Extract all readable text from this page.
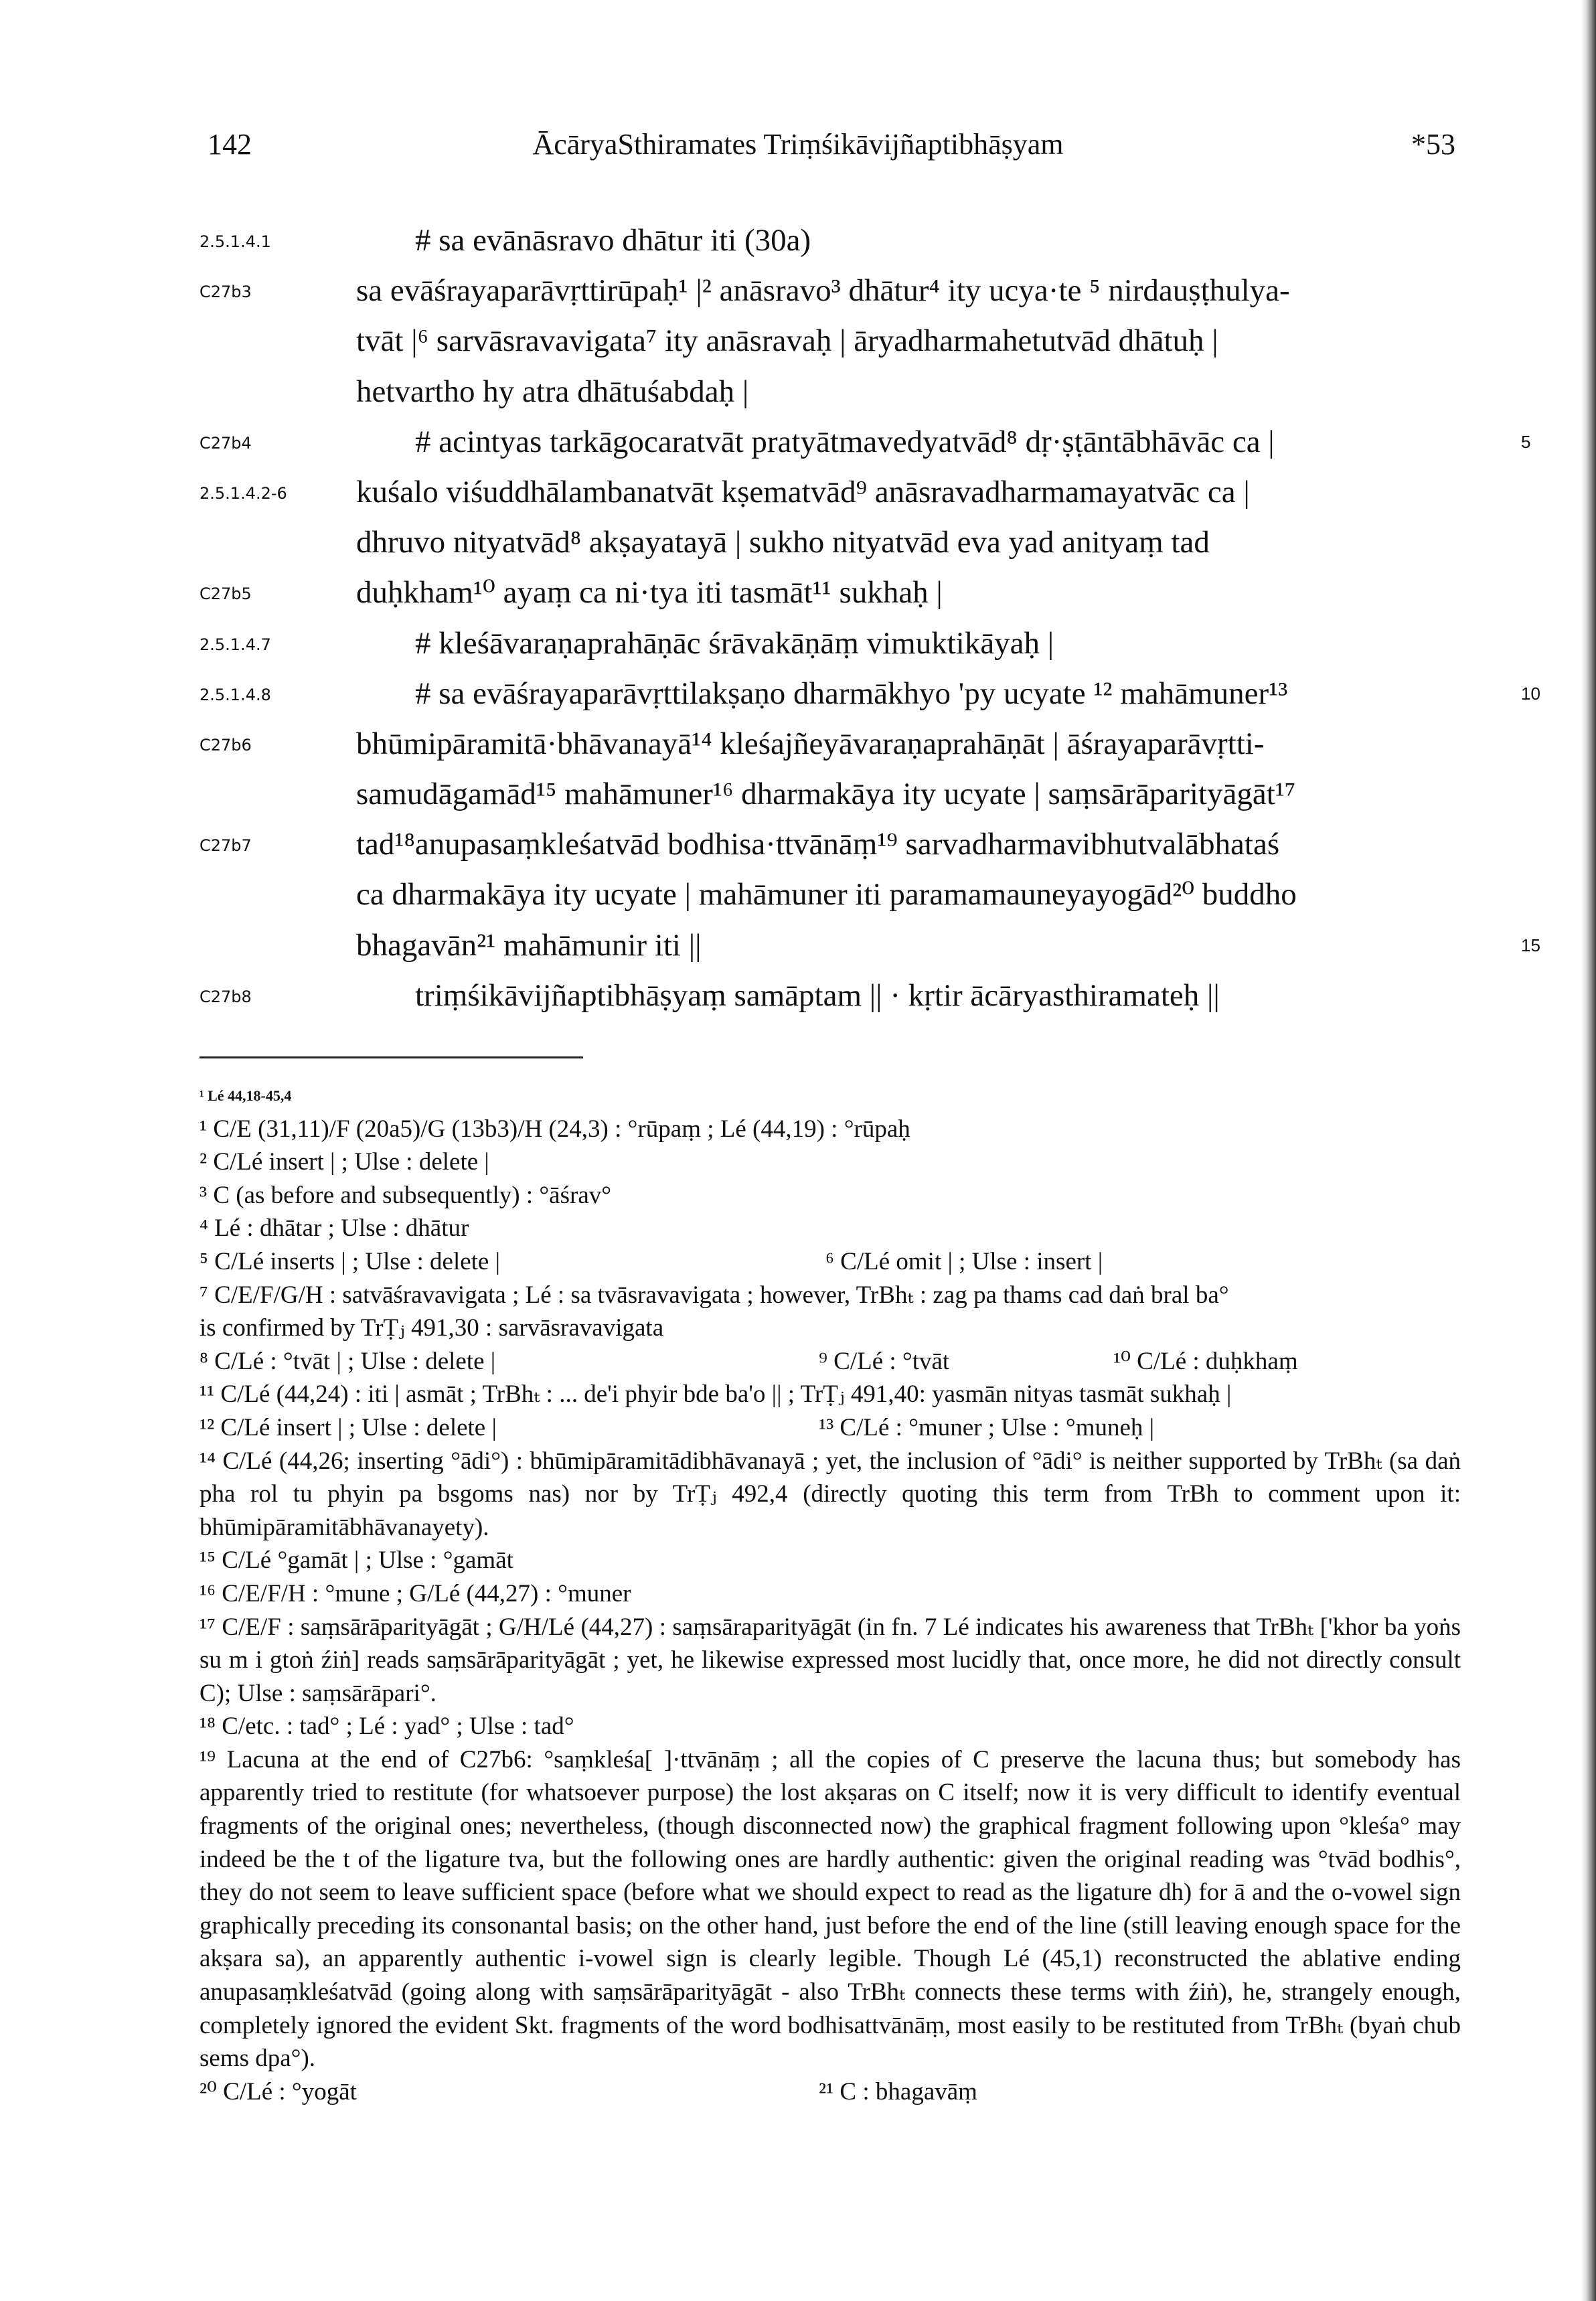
142	ĀcāryaSthiramates Triṃśikāvijñaptibhāṣyam	*53
2.5.1.4.1	# sa evānāsravo dhātur iti (30a)
C27b3	sa evāśrayaparāvṛttirūpaḥ¹ |² anāsravo³ dhātur⁴ ity ucya·te ⁵ nirdauṣṭhulya-
tvāt |⁶ sarvāsravavigata⁷ ity anāsravaḥ | āryadharmahetutvād dhātuḥ |
hetvartho hy atra dhātuśabdaḥ |
C27b4	# acintyas tarkāgocaratvāt pratyātmavedyatvād⁸ dṛ·ṣṭāntābhāvāc ca |	5
2.5.1.4.2-6 kuśalo viśuddhālambanatvāt kṣematvād⁹ anāsravadharmamayatvāc ca |
dhruvo nityatvād⁸ akṣayatayā | sukho nityatvād eva yad anityaṃ tad
C27b5	duḥkham¹⁰ ayaṃ ca ni·tya iti tasmāt¹¹ sukhaḥ |
2.5.1.4.7	# kleśāvaraṇaprahāṇāc śrāvakāṇāṃ vimuktikāyaḥ |
2.5.1.4.8	# sa evāśrayaparāvṛttilakṣaṇo dharmākhyo 'py ucyate ¹² mahāmuner¹³	10
C27b6	bhūmipāramitā·bhāvanayā¹⁴ kleśajñeyāvaraṇaprahāṇāt | āśrayaparāvṛtti-
samudāgamād¹⁵ mahāmuner¹⁶ dharmakāya ity ucyate | saṃsārāparityāgāt¹⁷
C27b7	tad¹⁸anupasaṃkleśatvād bodhisa·ttvānāṃ¹⁹ sarvadharmavibhutvalābhataś
ca dharmakāya ity ucyate | mahāmuner iti paramamauneyayogād²⁰ buddho
bhagavān²¹ mahāmunir iti ||	15
C27b8	triṃśikāvijñaptibhāṣyaṃ samāptam || · kṛtir ācāryasthiramateḥ ||

¹ Lé 44,18-45,4

¹ C/E (31,11)/F (20a5)/G (13b3)/H (24,3) : °rūpaṃ ; Lé (44,19) : °rūpaḥ

² C/Lé insert | ; Ulse : delete |

³ C (as before and subsequently) : °āśrav°

⁴ Lé : dhātar ; Ulse : dhātur

⁵ C/Lé inserts | ; Ulse : delete |	⁶ C/Lé omit | ; Ulse : insert |

⁷ C/E/F/G/H : satvāśravavigata ; Lé : sa tvāsravavigata ; however, TrBhₜ : zag pa thams cad daṅ bral ba°

is confirmed by TrṬⱼ 491,30 : sarvāsravavigata

⁸ C/Lé : °tvāt | ; Ulse : delete |	⁹ C/Lé : °tvāt	¹⁰ C/Lé : duḥkhaṃ

¹¹ C/Lé (44,24) : iti | asmāt ; TrBhₜ : ... de'i phyir bde ba'o || ; TrṬⱼ 491,40: yasmān nityas tasmāt sukhaḥ |

¹² C/Lé insert | ; Ulse : delete |	¹³ C/Lé : °muner ; Ulse : °muneḥ |

¹⁴ C/Lé (44,26; inserting °ādi°) : bhūmipāramitādibhāvanayā ; yet, the inclusion of °ādi° is neither supported by TrBhₜ (sa daṅ pha rol tu phyin pa bsgoms nas) nor by TrṬⱼ 492,4 (directly quoting this term from TrBh to comment upon it: bhūmipāramitābhāvanayety).

¹⁵ C/Lé °gamāt | ; Ulse : °gamāt

¹⁶ C/E/F/H : °mune ; G/Lé (44,27) : °muner

¹⁷ C/E/F : saṃsārāparityāgāt ; G/H/Lé (44,27) : saṃsāraparityāgāt (in fn. 7 Lé indicates his awareness that TrBhₜ ['khor ba yoṅs su m i gtoṅ źiṅ] reads saṃsārāparityāgāt ; yet, he likewise expressed most lucidly that, once more, he did not directly consult C); Ulse : saṃsārāpari°.

¹⁸ C/etc. : tad° ; Lé : yad° ; Ulse : tad°

¹⁹ Lacuna at the end of C27b6: °saṃkleśa[ ]·ttvānāṃ ; all the copies of C preserve the lacuna thus; but somebody has apparently tried to restitute (for whatsoever purpose) the lost akṣaras on C itself; now it is very difficult to identify eventual fragments of the original ones; nevertheless, (though disconnected now) the graphical fragment following upon °kleśa° may indeed be the t of the ligature tva, but the following ones are hardly authentic: given the original reading was °tvād bodhis°, they do not seem to leave sufficient space (before what we should expect to read as the ligature dh) for ā and the o-vowel sign graphically preceding its consonantal basis; on the other hand, just before the end of the line (still leaving enough space for the akṣara sa), an apparently authentic i-vowel sign is clearly legible. Though Lé (45,1) reconstructed the ablative ending anupasaṃkleśatvād (going along with saṃsārāparityāgāt - also TrBhₜ connects these terms with źiṅ), he, strangely enough, completely ignored the evident Skt. fragments of the word bodhisattvānāṃ, most easily to be restituted from TrBhₜ (byaṅ chub sems dpa°).

²⁰ C/Lé : °yogāt	²¹ C : bhagavāṃ
